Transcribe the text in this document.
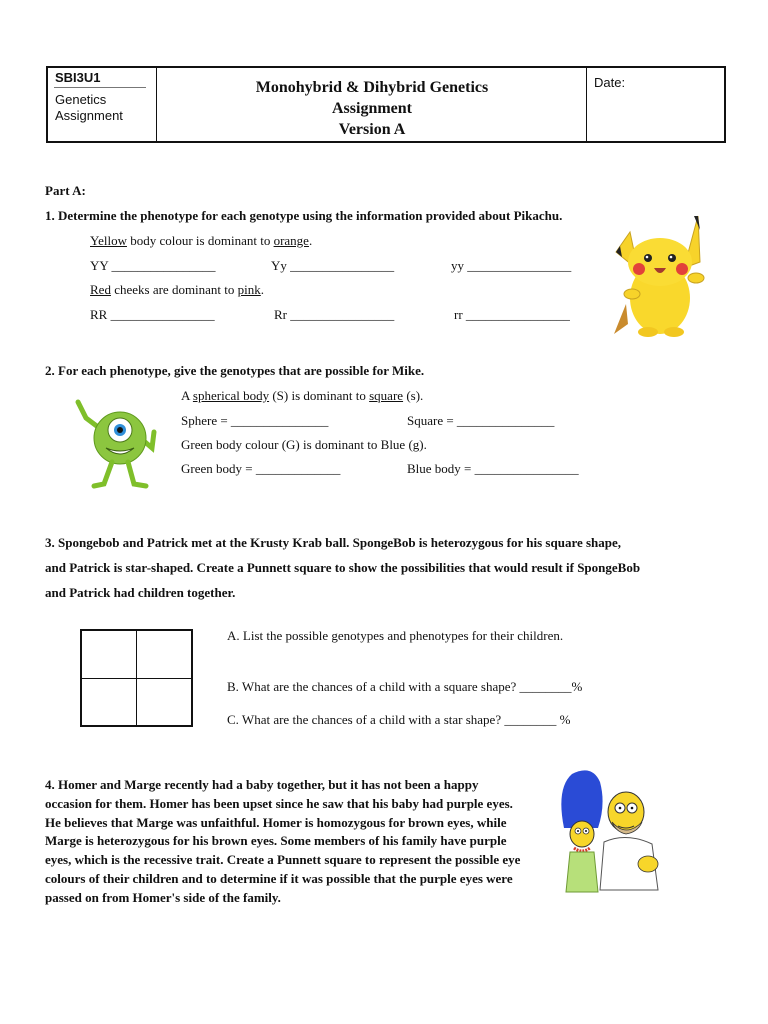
SBI3U1
Genetics Assignment
Monohybrid & Dihybrid Genetics
Assignment
Version A
Date:
Part A:
1. Determine the phenotype for each genotype using the information provided about Pikachu.
Yellow body colour is dominant to orange.
YY ________________	Yy ________________	yy ________________
Red cheeks are dominant to pink.
RR ________________	Rr ________________	rr ________________
2. For each phenotype, give the genotypes that are possible for Mike.
A spherical body (S) is dominant to square (s).
Sphere = _______________	Square = _______________
Green body colour (G) is dominant to Blue (g).
Green body = _____________	Blue body = ________________
3. Spongebob and Patrick met at the Krusty Krab ball. SpongeBob is heterozygous for his square shape,
and Patrick is star-shaped. Create a Punnett square to show the possibilities that would result if SpongeBob
and Patrick had children together.
A. List the possible genotypes and phenotypes for their children.
B. What are the chances of a child with a square shape? ________%
C. What are the chances of a child with a star shape? ________ %
4. Homer and Marge recently had a baby together, but it has not been a happy occasion for them. Homer has been upset since he saw that his baby had purple eyes. He believes that Marge was unfaithful. Homer is homozygous for brown eyes, while Marge is heterozygous for his brown eyes. Some members of his family have purple eyes, which is the recessive trait. Create a Punnett square to represent the possible eye colours of their children and to determine if it was possible that the purple eyes were passed on from Homer's side of the family.
